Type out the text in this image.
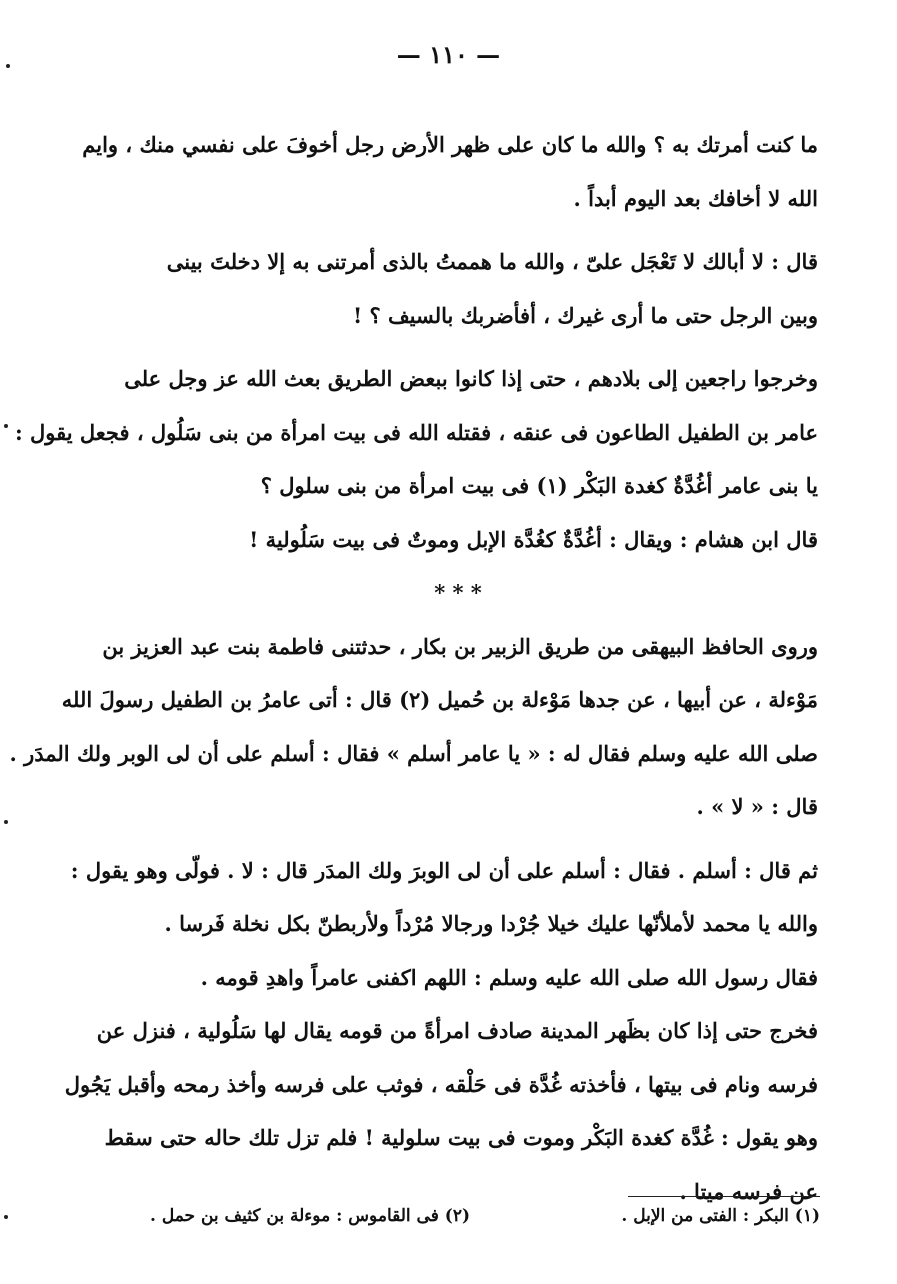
— ١١٠ —
ما كنت أمرتك به ؟ والله ما كان على ظهر الأرض رجل أخوفَ على نفسي منك ، وايم
الله لا أخافك بعد اليوم أبداً .
قال : لا أبالك لا تَعْجَل علىّ ، والله ما هممتُ بالذى أمرتنى به إلا دخلتَ بينى
وبين الرجل حتى ما أرى غيرك ، أفأضربك بالسيف ؟ !
وخرجوا راجعين إلى بلادهم ، حتى إذا كانوا ببعض الطريق بعث الله عز وجل على
عامر بن الطفيل الطاعون فى عنقه ، فقتله الله فى بيت امرأة من بنى سَلُول ، فجعل يقول :
يا بنى عامر أغُدَّةٌ كغدة البَكْر (١) فى بيت امرأة من بنى سلول ؟
قال ابن هشام : ويقال : أغُدَّةٌ كغُدَّة الإبل وموتٌ فى بيت سَلُولية !
* * *
وروى الحافظ البيهقى من طريق الزبير بن بكار ، حدثتنى فاطمة بنت عبد العزيز بن
مَوْءلة ، عن أبيها ، عن جدها مَوْءلة بن حُميل (٢) قال : أتى عامرُ بن الطفيل رسولَ الله
صلى الله عليه وسلم فقال له : « يا عامر أسلم » فقال : أسلم على أن لى الوبر ولك المدَر .
قال : « لا » .
ثم قال : أسلم . فقال : أسلم على أن لى الوبرَ ولك المدَر قال : لا . فولّى وهو يقول :
والله يا محمد لأملأنّها عليك خيلا جُرْدا ورجالا مُرْداً ولأربطنّ بكل نخلة فَرسا .
فقال رسول الله صلى الله عليه وسلم : اللهم اكفنى عامراً واهدِ قومه .
فخرج حتى إذا كان بظَهر المدينة صادف امرأةً من قومه يقال لها سَلُولية ، فنزل عن
فرسه ونام فى بيتها ، فأخذته غُدَّة فى حَلْقه ، فوثب على فرسه وأخذ رمحه وأقبل يَجُول
وهو يقول : غُدَّة كغدة البَكْر وموت فى بيت سلولية ! فلم تزل تلك حاله حتى سقط
عن فرسه ميتا .
(١) البكر : الفتى من الإبل .
(٢) فى القاموس : موءلة بن كثيف بن حمل .
